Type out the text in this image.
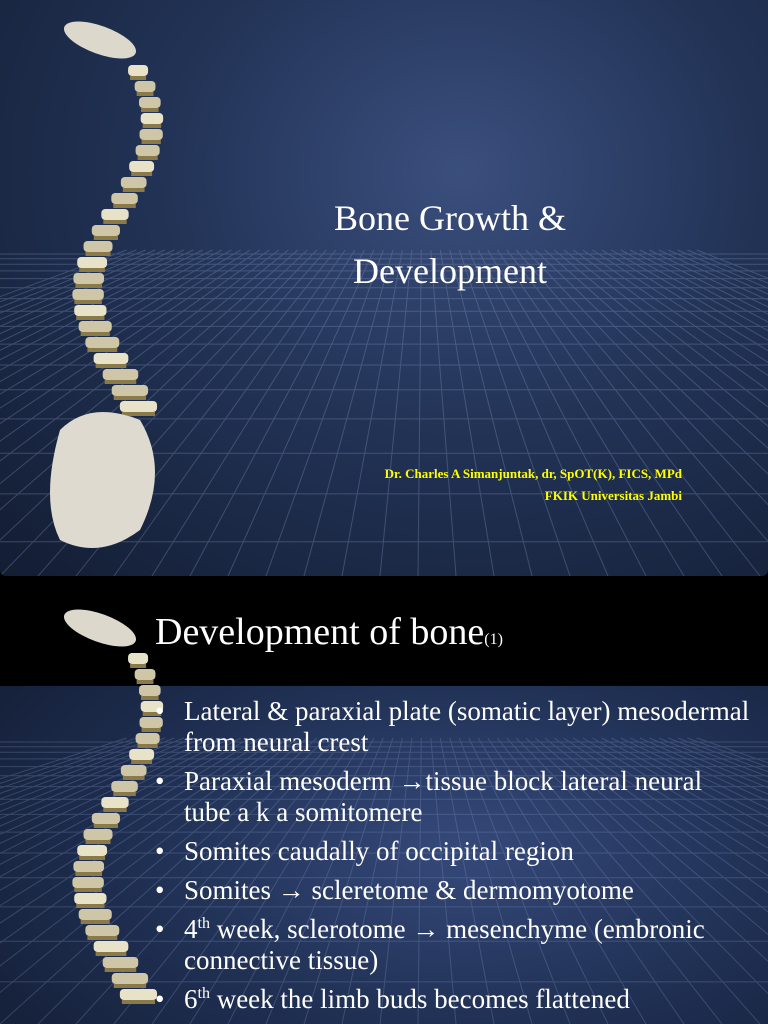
Bone Growth &
Development
Dr. Charles A Simanjuntak, dr, SpOT(K), FICS, MPd
FKIK Universitas Jambi
Development of bone(1)
• Lateral & paraxial plate (somatic layer) mesodermal from neural crest
• Paraxial mesoderm →tissue block lateral neural tube a k a somitomere
• Somites caudally of occipital region
• Somites → scleretome & dermomyotome
• 4th week, sclerotome → mesenchyme (embronic connective tissue)
• 6th week the limb buds becomes flattened
